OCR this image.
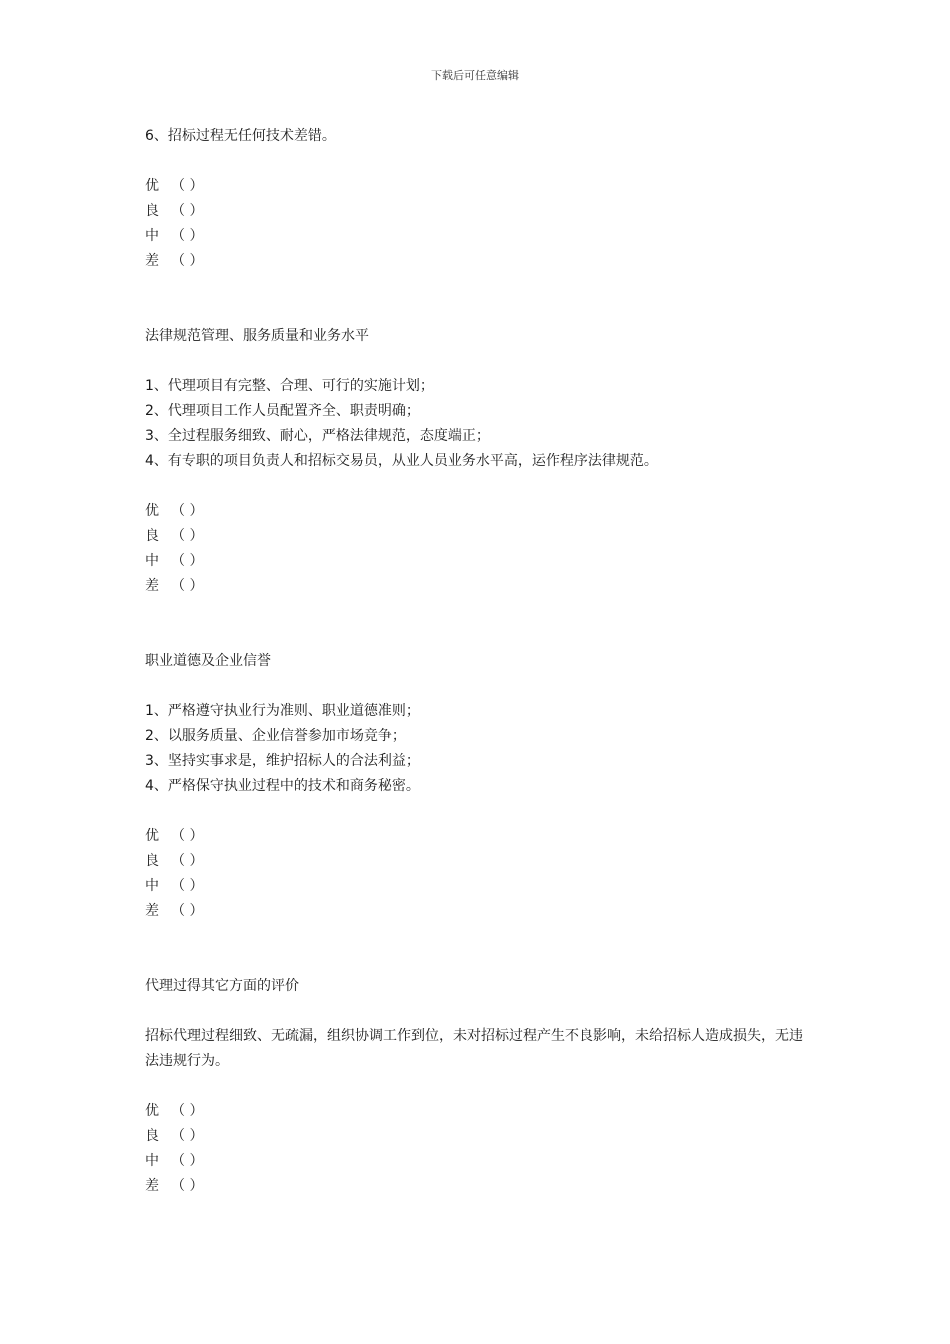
下载后可任意编辑

6、招标过程无任何技术差错。

优 （ ）
良 （ ）
中 （ ）
差 （ ）

法律规范管理、服务质量和业务水平

1、代理项目有完整、合理、可行的实施计划；

2、代理项目工作人员配置齐全、职责明确；

3、全过程服务细致、耐心，严格法律规范，态度端正；

4、有专职的项目负责人和招标交易员，从业人员业务水平高，运作程序法律规范。

优 （ ）
良 （ ）
中 （ ）
差 （ ）

职业道德及企业信誉

1、严格遵守执业行为准则、职业道德准则；

2、以服务质量、企业信誉参加市场竞争；

3、坚持实事求是，维护招标人的合法利益；

4、严格保守执业过程中的技术和商务秘密。

优 （ ）
良 （ ）
中 （ ）
差 （ ）

代理过得其它方面的评价

招标代理过程细致、无疏漏，组织协调工作到位，未对招标过程产生不良影响，未给招标人造成损失，无违法违规行为。

优 （ ）
良 （ ）
中 （ ）
差 （ ）
